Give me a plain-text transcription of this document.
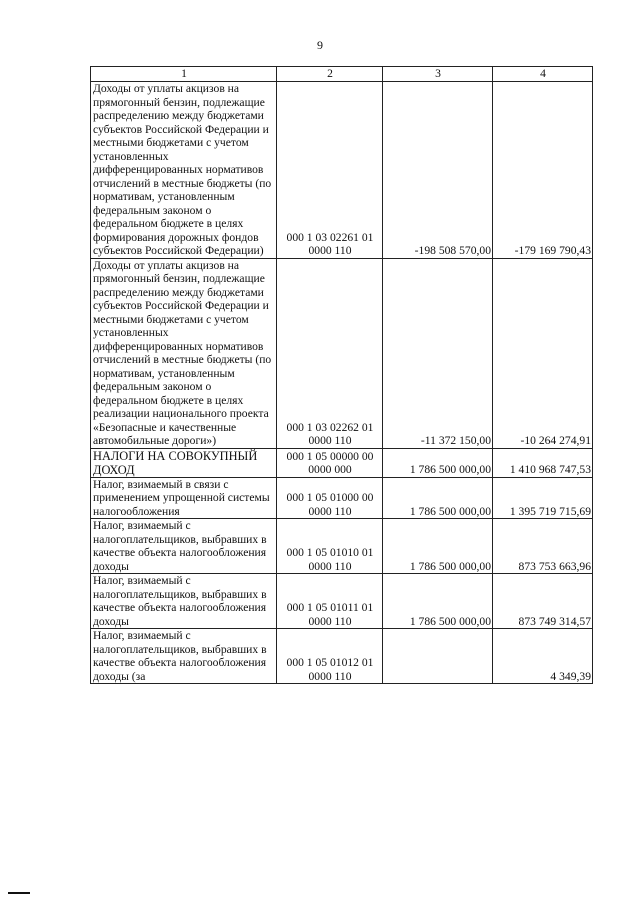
9
1	2	3	4
Доходы от уплаты акцизов на прямогонный бензин, подлежащие распределению между бюджетами субъектов Российской Федерации и местными бюджетами с учетом установленных дифференцированных нормативов отчислений в местные бюджеты (по нормативам, установленным федеральным законом о федеральном бюджете в целях формирования дорожных фондов субъектов Российской Федерации)	000 1 03 02261 01 0000 110	-198 508 570,00	-179 169 790,43
Доходы от уплаты акцизов на прямогонный бензин, подлежащие распределению между бюджетами субъектов Российской Федерации и местными бюджетами с учетом установленных дифференцированных нормативов отчислений в местные бюджеты (по нормативам, установленным федеральным законом о федеральном бюджете в целях реализации национального проекта «Безопасные и качественные автомобильные дороги»)	000 1 03 02262 01 0000 110	-11 372 150,00	-10 264 274,91
НАЛОГИ НА СОВОКУПНЫЙ ДОХОД	000 1 05 00000 00 0000 000	1 786 500 000,00	1 410 968 747,53
Налог, взимаемый в связи с применением упрощенной системы налогообложения	000 1 05 01000 00 0000 110	1 786 500 000,00	1 395 719 715,69
Налог, взимаемый с налогоплательщиков, выбравших в качестве объекта налогообложения доходы	000 1 05 01010 01 0000 110	1 786 500 000,00	873 753 663,96
Налог, взимаемый с налогоплательщиков, выбравших в качестве объекта налогообложения доходы	000 1 05 01011 01 0000 110	1 786 500 000,00	873 749 314,57
Налог, взимаемый с налогоплательщиков, выбравших в качестве объекта налогообложения доходы (за	000 1 05 01012 01 0000 110		4 349,39
